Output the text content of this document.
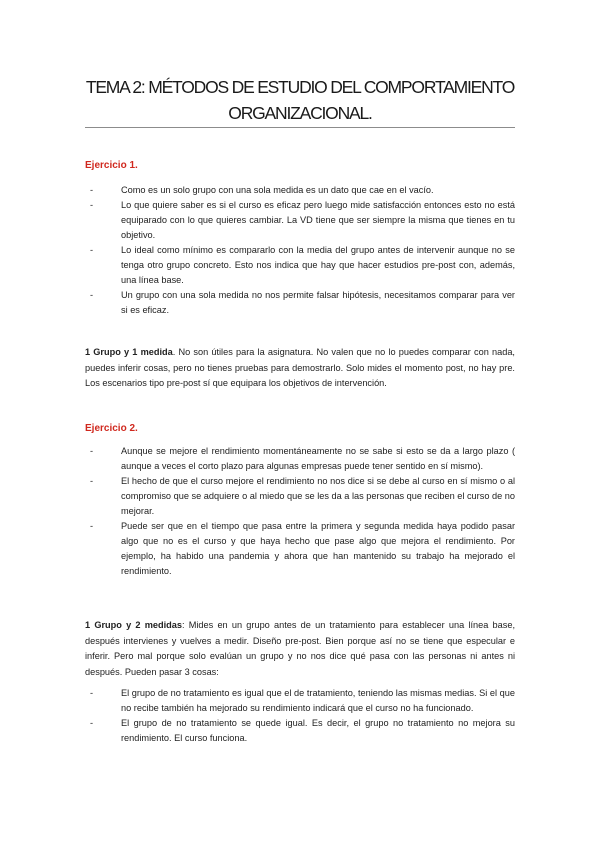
TEMA 2: MÉTODOS DE ESTUDIO DEL COMPORTAMIENTO
ORGANIZACIONAL.
Ejercicio 1.
-	Como es un solo grupo con una sola medida es un dato que cae en el vacío.
-	Lo que quiere saber es si el curso es eficaz pero luego mide satisfacción entonces esto no está equiparado con lo que quieres cambiar. La VD tiene que ser siempre la misma que tienes en tu objetivo.
-	Lo ideal como mínimo es compararlo con la media del grupo antes de intervenir aunque no se tenga otro grupo concreto. Esto nos indica que hay que hacer estudios pre-post con, además, una línea base.
-	Un grupo con una sola medida no nos permite falsar hipótesis, necesitamos comparar para ver si es eficaz.

1 Grupo y 1 medida. No son útiles para la asignatura. No valen que no lo puedes comparar con nada, puedes inferir cosas, pero no tienes pruebas para demostrarlo. Solo mides el momento post, no hay pre. Los escenarios tipo pre-post sí que equipara los objetivos de intervención.

Ejercicio 2.
-	Aunque se mejore el rendimiento momentáneamente no se sabe si esto se da a largo plazo ( aunque a veces el corto plazo para algunas empresas puede tener sentido en sí mismo).
-	El hecho de que el curso mejore el rendimiento no nos dice si se debe al curso en sí mismo o al compromiso que se adquiere o al miedo que se les da a las personas que reciben el curso de no mejorar.
-	Puede ser que en el tiempo que pasa entre la primera y segunda medida haya podido pasar algo que no es el curso y que haya hecho que pase algo que mejora el rendimiento. Por ejemplo, ha habido una pandemia y ahora que han mantenido su trabajo ha mejorado el rendimiento.

1 Grupo y 2 medidas: Mides en un grupo antes de un tratamiento para establecer una línea base, después intervienes y vuelves a medir. Diseño pre-post. Bien porque así no se tiene que especular e inferir. Pero mal porque solo evalúan un grupo y no nos dice qué pasa con las personas ni antes ni después. Pueden pasar 3 cosas:

-	El grupo de no tratamiento es igual que el de tratamiento, teniendo las mismas medias. Si el que no recibe también ha mejorado su rendimiento indicará que el curso no ha funcionado.
-	El grupo de no tratamiento se quede igual. Es decir, el grupo no tratamiento no mejora su rendimiento. El curso funciona.
